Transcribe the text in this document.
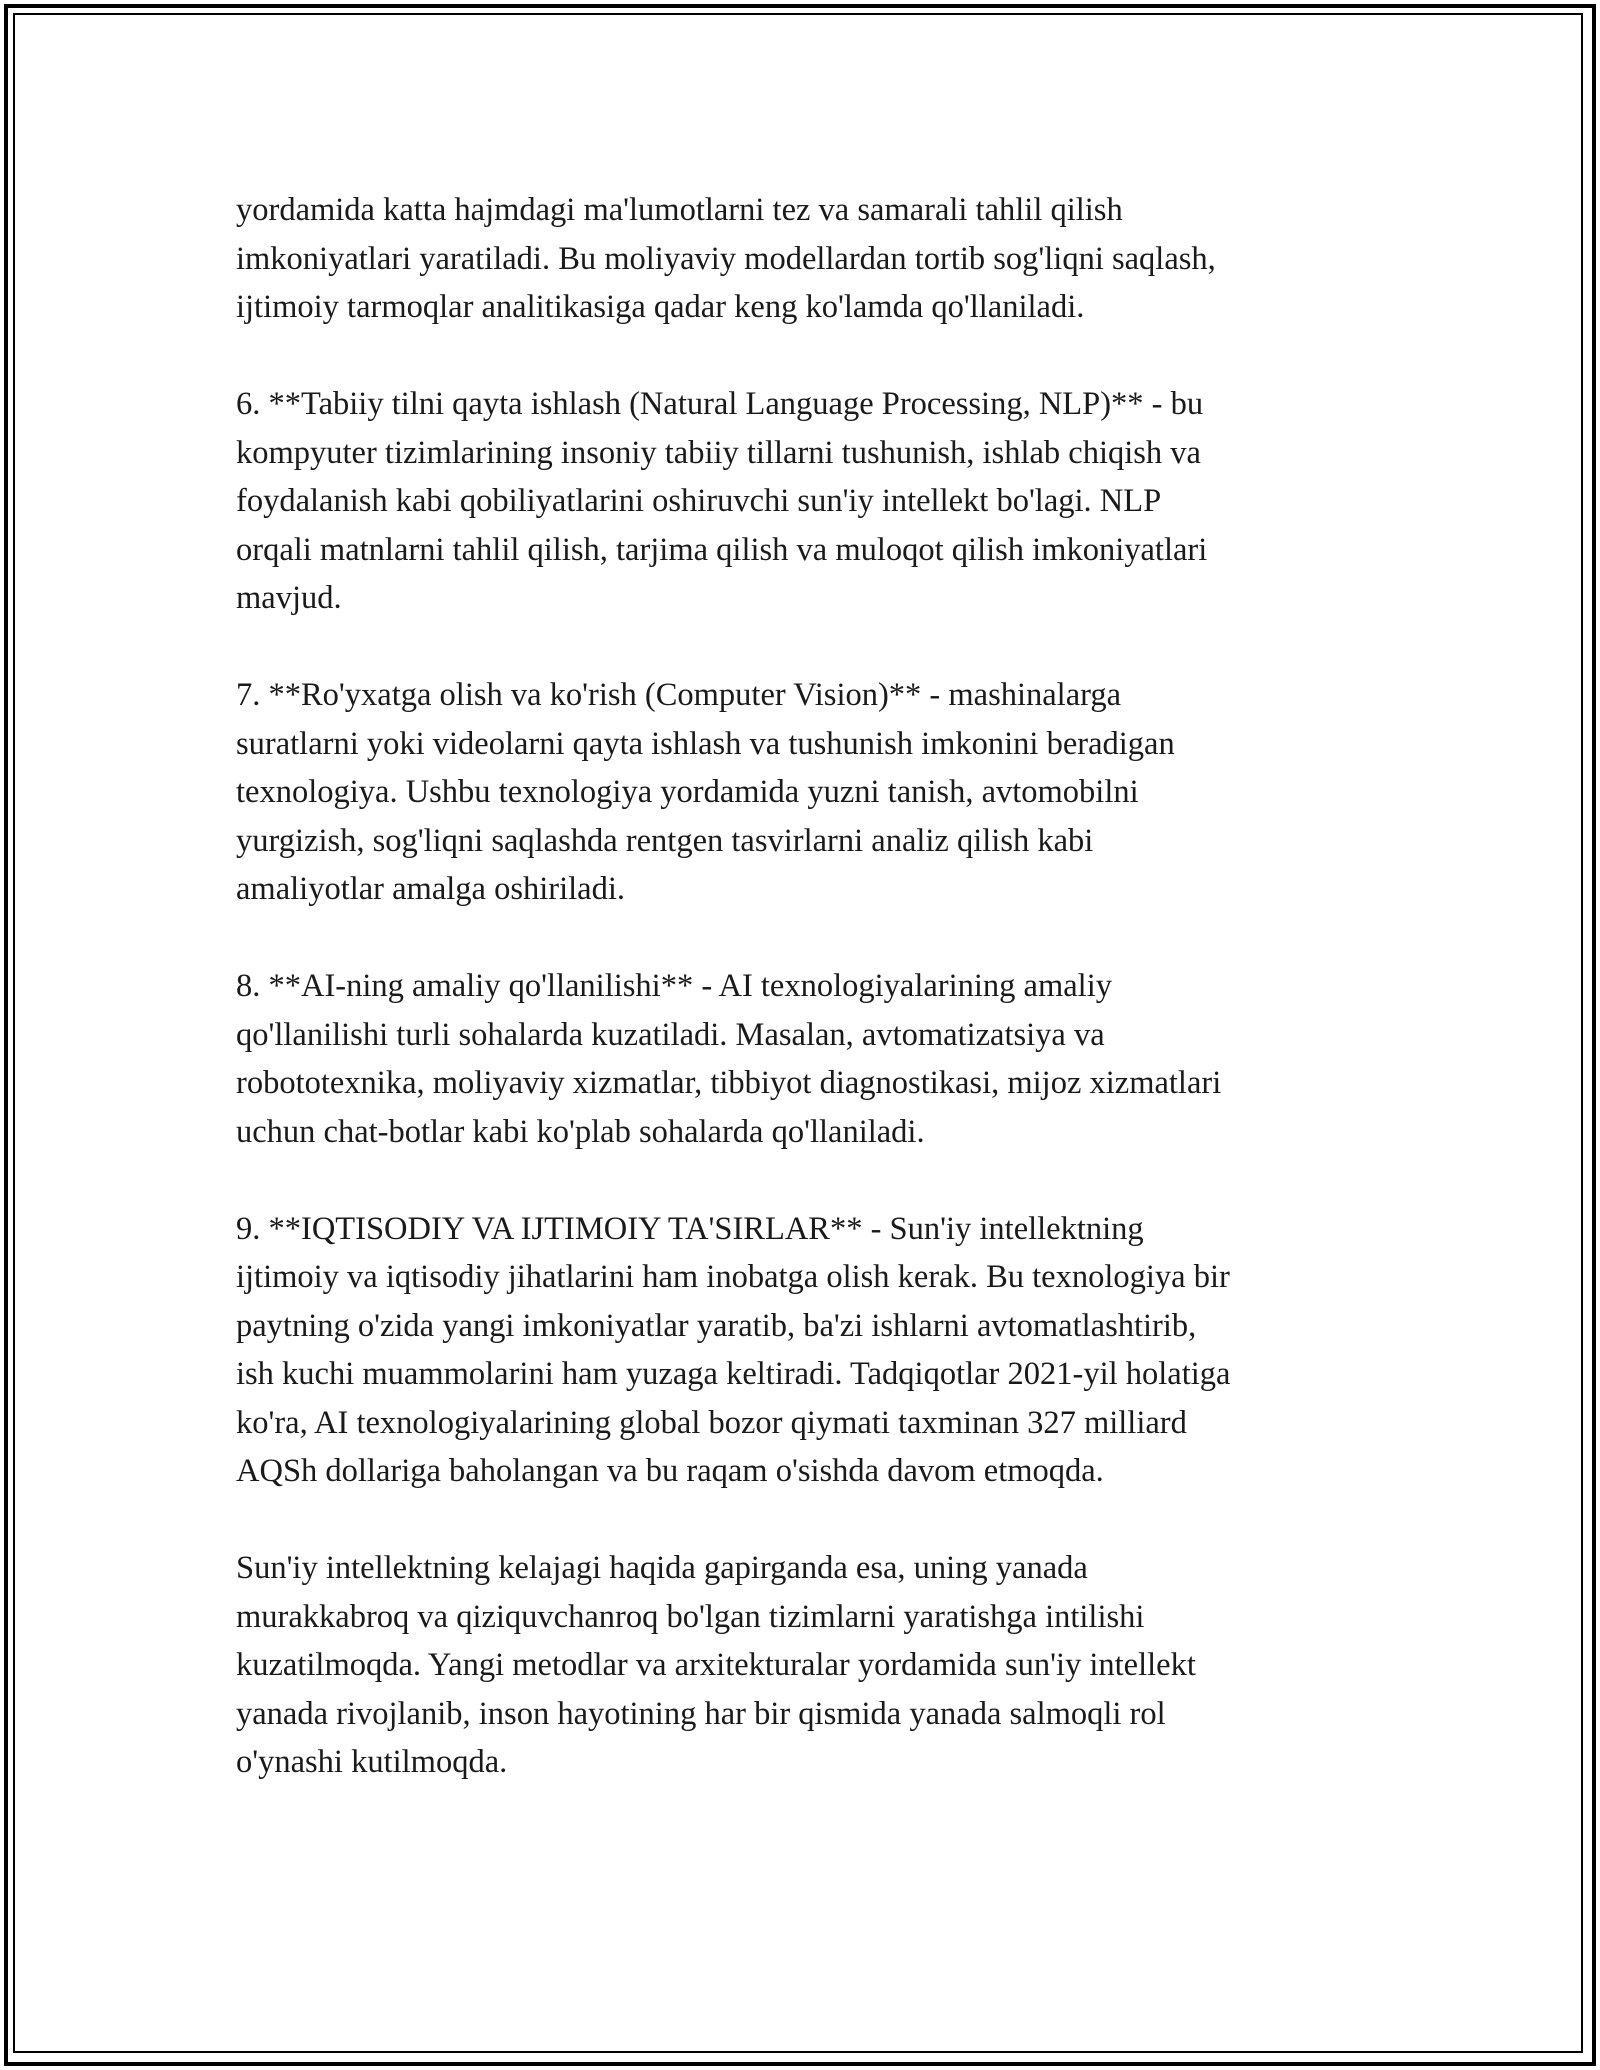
yordamida katta hajmdagi ma'lumotlarni tez va samarali tahlil qilish
imkoniyatlari yaratiladi. Bu moliyaviy modellardan tortib sog'liqni saqlash,
ijtimoiy tarmoqlar analitikasiga qadar keng ko'lamda qo'llaniladi.

6. **Tabiiy tilni qayta ishlash (Natural Language Processing, NLP)** - bu
kompyuter tizimlarining insoniy tabiiy tillarni tushunish, ishlab chiqish va
foydalanish kabi qobiliyatlarini oshiruvchi sun'iy intellekt bo'lagi. NLP
orqali matnlarni tahlil qilish, tarjima qilish va muloqot qilish imkoniyatlari
mavjud.

7. **Ro'yxatga olish va ko'rish (Computer Vision)** - mashinalarga
suratlarni yoki videolarni qayta ishlash va tushunish imkonini beradigan
texnologiya. Ushbu texnologiya yordamida yuzni tanish, avtomobilni
yurgizish, sog'liqni saqlashda rentgen tasvirlarni analiz qilish kabi
amaliyotlar amalga oshiriladi.

8. **AI-ning amaliy qo'llanilishi** - AI texnologiyalarining amaliy
qo'llanilishi turli sohalarda kuzatiladi. Masalan, avtomatizatsiya va
robototexnika, moliyaviy xizmatlar, tibbiyot diagnostikasi, mijoz xizmatlari
uchun chat-botlar kabi ko'plab sohalarda qo'llaniladi.

9. **IQTISODIY VA IJTIMOIY TA'SIRLAR** - Sun'iy intellektning
ijtimoiy va iqtisodiy jihatlarini ham inobatga olish kerak. Bu texnologiya bir
paytning o'zida yangi imkoniyatlar yaratib, ba'zi ishlarni avtomatlashtirib,
ish kuchi muammolarini ham yuzaga keltiradi. Tadqiqotlar 2021-yil holatiga
ko'ra, AI texnologiyalarining global bozor qiymati taxminan 327 milliard
AQSh dollariga baholangan va bu raqam o'sishda davom etmoqda.

Sun'iy intellektning kelajagi haqida gapirganda esa, uning yanada
murakkabroq va qiziquvchanroq bo'lgan tizimlarni yaratishga intilishi
kuzatilmoqda. Yangi metodlar va arxitekturalar yordamida sun'iy intellekt
yanada rivojlanib, inson hayotining har bir qismida yanada salmoqli rol
o'ynashi kutilmoqda.
